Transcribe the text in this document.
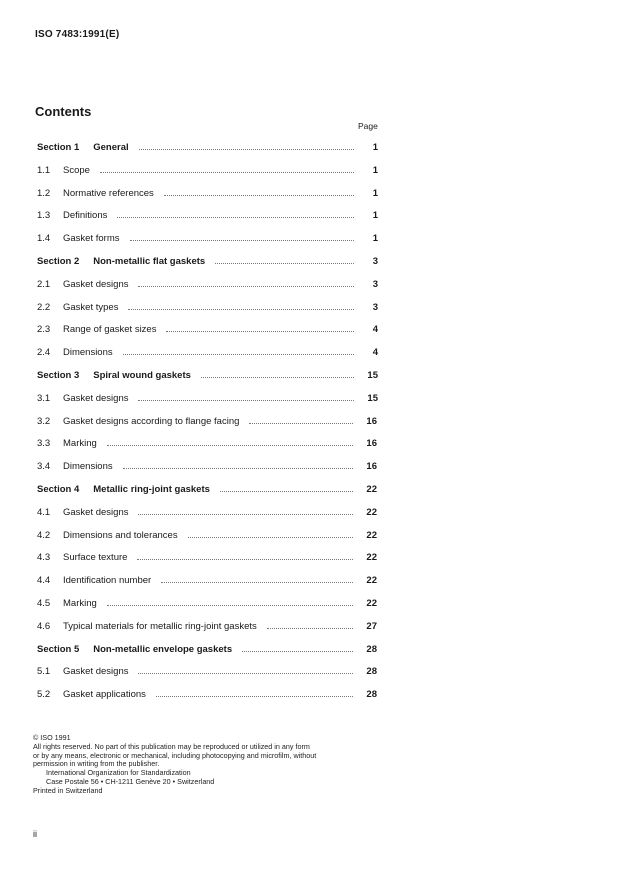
ISO 7483:1991(E)
Contents
Page
Section 1 General	1
1.1	Scope	1
1.2	Normative references	1
1.3	Definitions	1
1.4	Gasket forms	1
Section 2 Non-metallic flat gaskets	3
2.1	Gasket designs	3
2.2	Gasket types	3
2.3	Range of gasket sizes	4
2.4	Dimensions	4
Section 3 Spiral wound gaskets	15
3.1	Gasket designs	15
3.2	Gasket designs according to flange facing	16
3.3	Marking	16
3.4	Dimensions	16
Section 4 Metallic ring-joint gaskets	22
4.1	Gasket designs	22
4.2	Dimensions and tolerances	22
4.3	Surface texture	22
4.4	Identification number	22
4.5	Marking	22
4.6	Typical materials for metallic ring-joint gaskets	27
Section 5 Non-metallic envelope gaskets	28
5.1	Gasket designs	28
5.2	Gasket applications	28

© ISO 1991

All rights reserved. No part of this publication may be reproduced or utilized in any form

or by any means, electronic or mechanical, including photocopying and microfilm, without

permission in writing from the publisher.

International Organization for Standardization

Case Postale 56 • CH-1211 Genève 20 • Switzerland

Printed in Switzerland

ii
